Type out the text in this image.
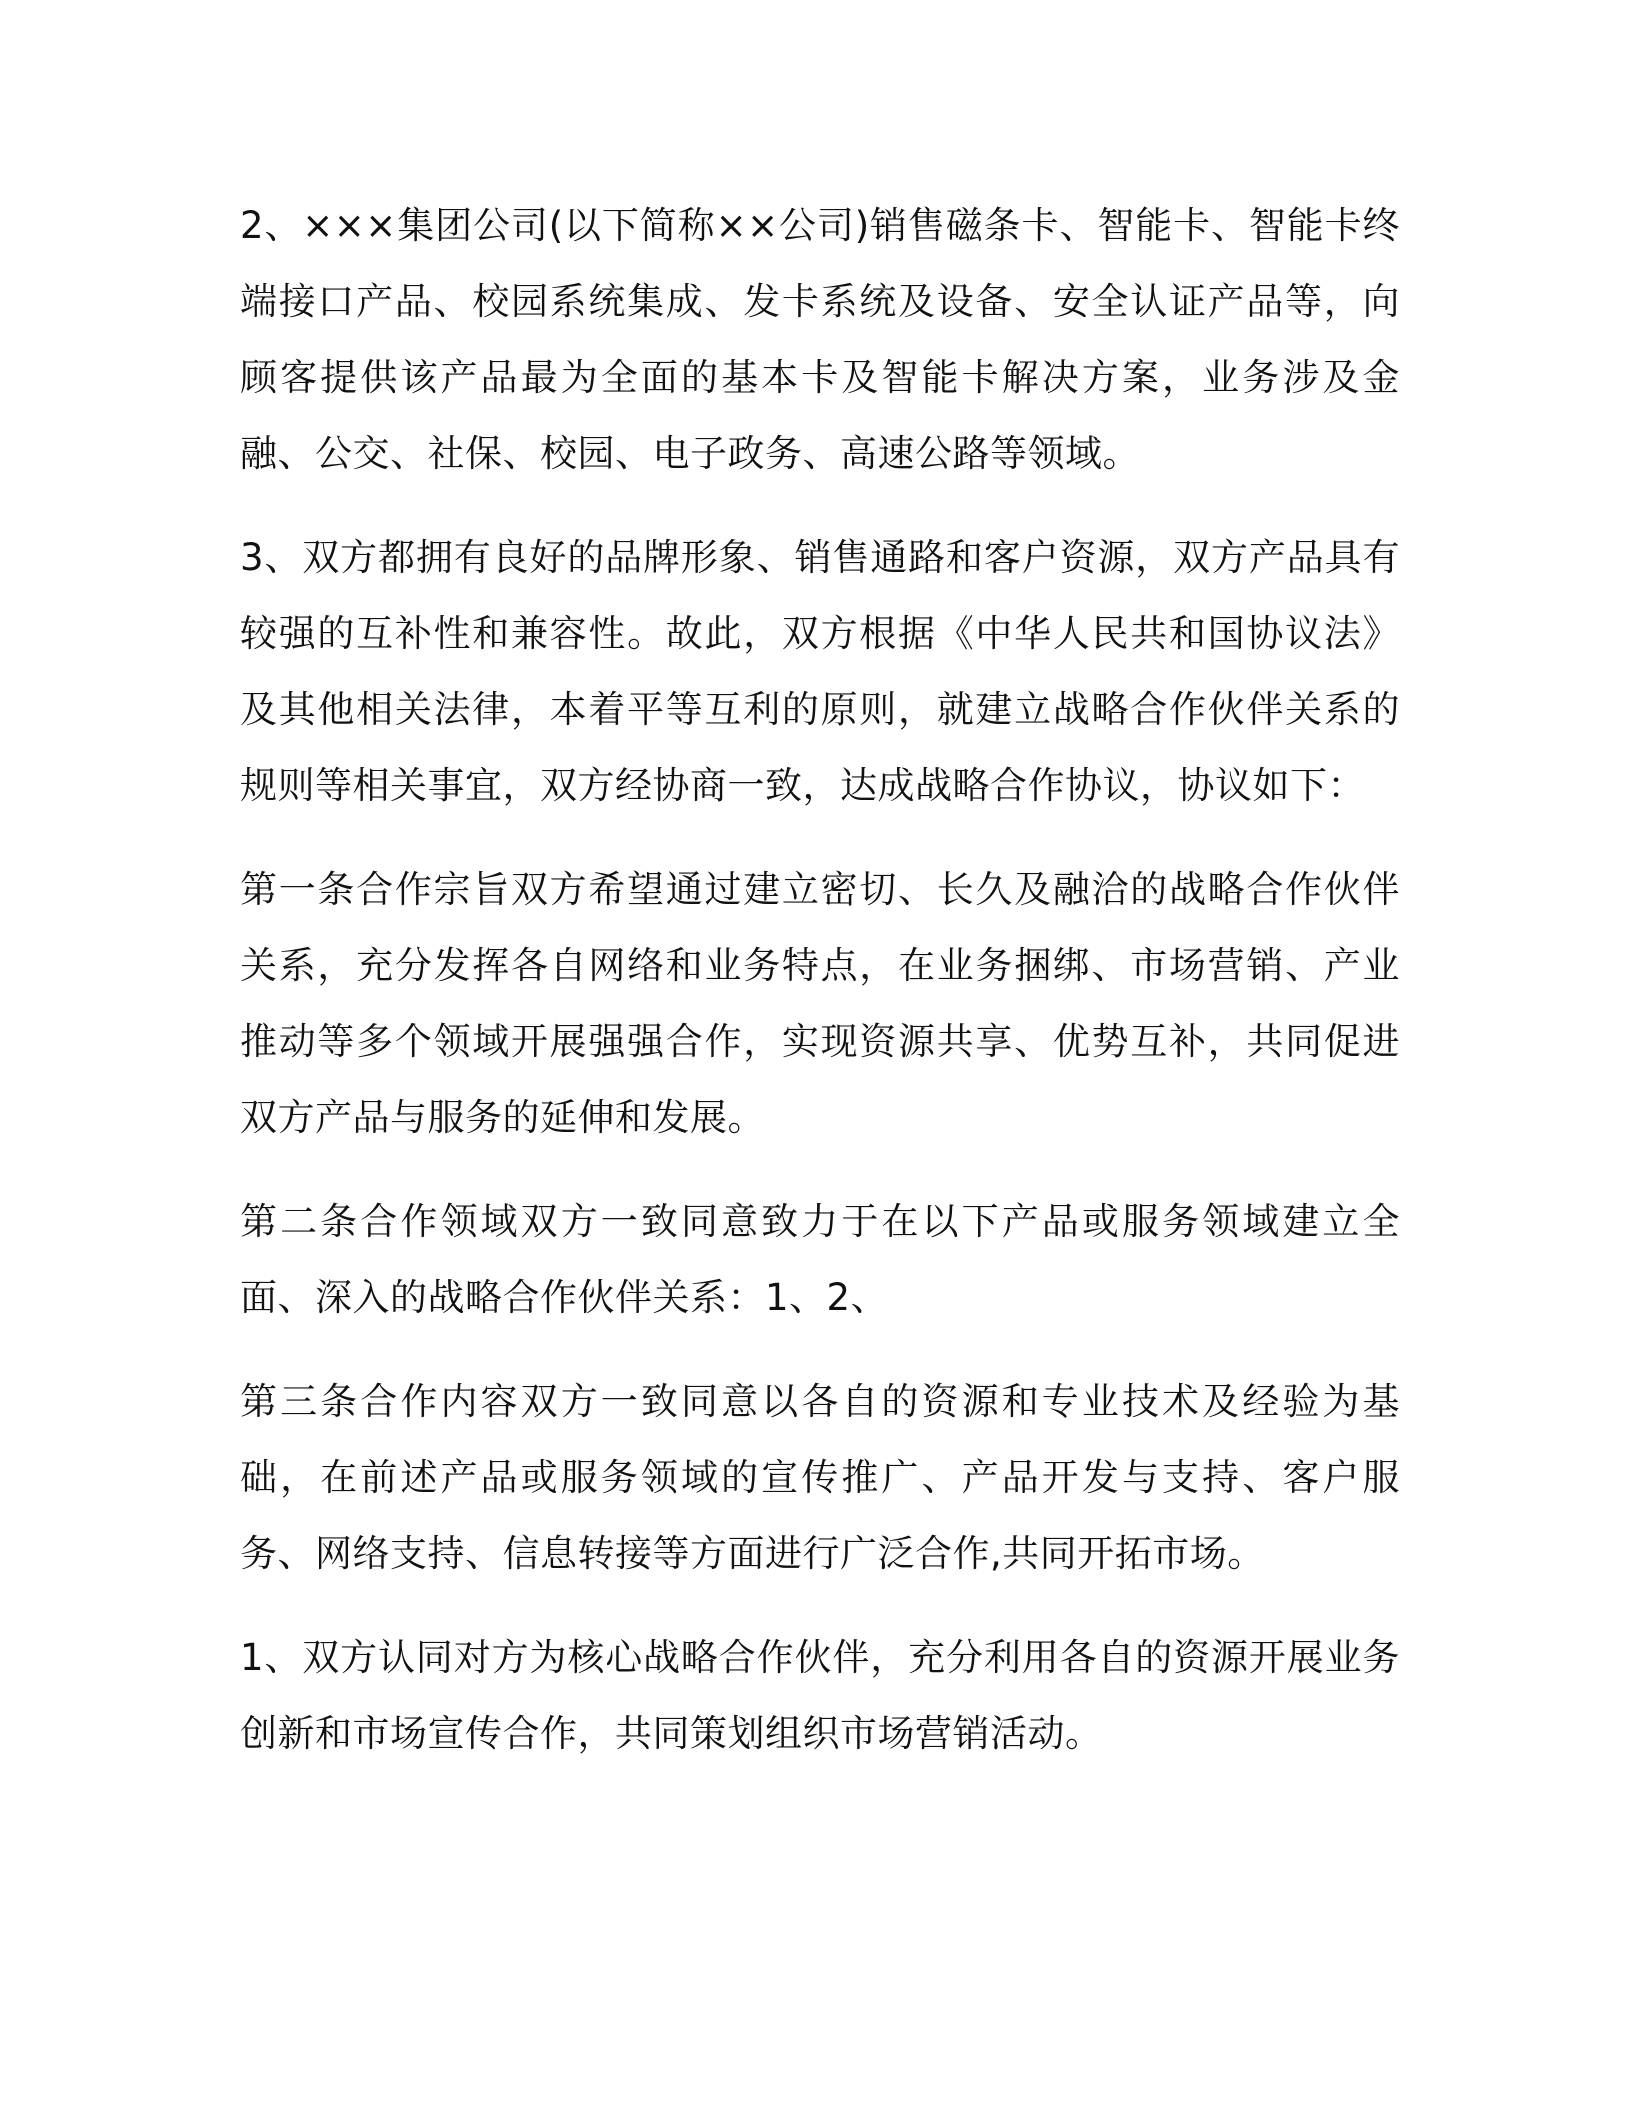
2、×××集团公司(以下简称××公司)销售磁条卡、智能卡、智能卡终端接口产品、校园系统集成、发卡系统及设备、安全认证产品等，向顾客提供该产品最为全面的基本卡及智能卡解决方案，业务涉及金融、公交、社保、校园、电子政务、高速公路等领域。

3、双方都拥有良好的品牌形象、销售通路和客户资源，双方产品具有较强的互补性和兼容性。故此，双方根据《中华人民共和国协议法》及其他相关法律，本着平等互利的原则，就建立战略合作伙伴关系的规则等相关事宜，双方经协商一致，达成战略合作协议，协议如下：

第一条合作宗旨双方希望通过建立密切、长久及融洽的战略合作伙伴关系，充分发挥各自网络和业务特点，在业务捆绑、市场营销、产业推动等多个领域开展强强合作，实现资源共享、优势互补，共同促进双方产品与服务的延伸和发展。

第二条合作领域双方一致同意致力于在以下产品或服务领域建立全面、深入的战略合作伙伴关系：1、2、

第三条合作内容双方一致同意以各自的资源和专业技术及经验为基础，在前述产品或服务领域的宣传推广、产品开发与支持、客户服务、网络支持、信息转接等方面进行广泛合作,共同开拓市场。

1、双方认同对方为核心战略合作伙伴，充分利用各自的资源开展业务创新和市场宣传合作，共同策划组织市场营销活动。
